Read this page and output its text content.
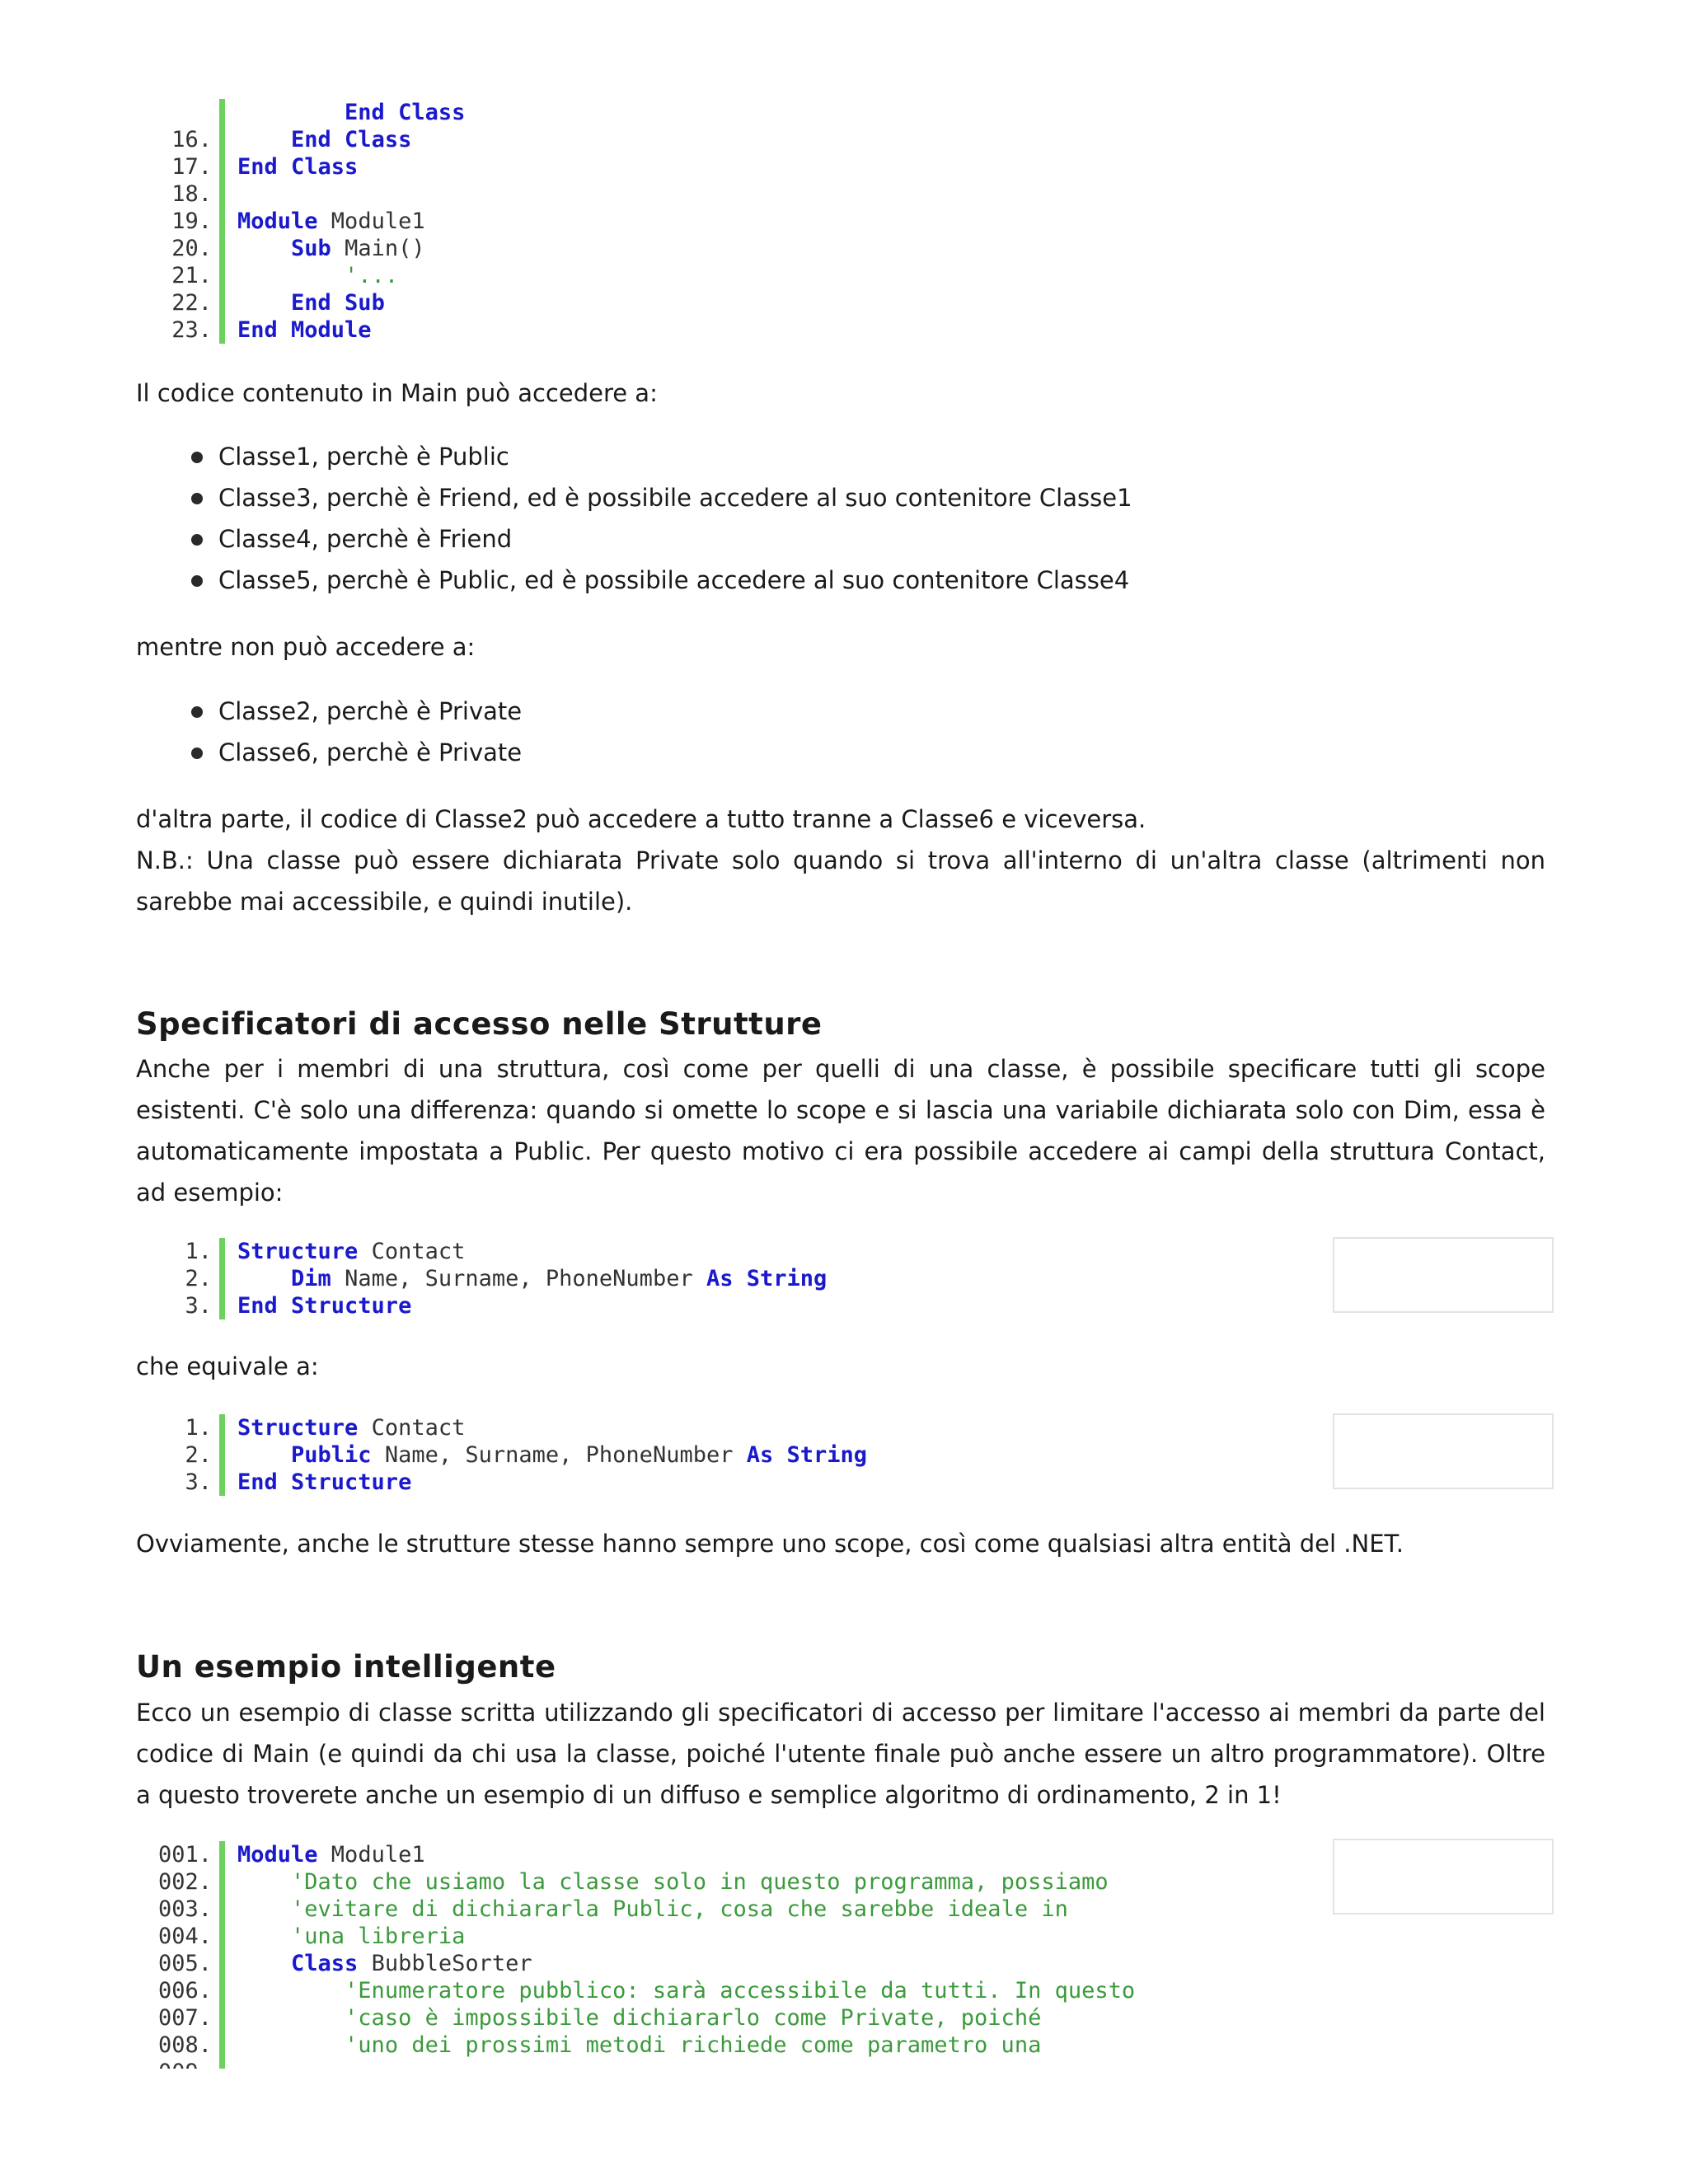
End Class
16.	End Class
17. End Class
18.
19. Module Module1
20.	Sub Main()
21.	'...
22.	End Sub
23. End Module

Il codice contenuto in Main può accedere a:

Classe1, perchè è Public
Classe3, perchè è Friend, ed è possibile accedere al suo contenitore Classe1
Classe4, perchè è Friend
Classe5, perchè è Public, ed è possibile accedere al suo contenitore Classe4

mentre non può accedere a:

Classe2, perchè è Private
Classe6, perchè è Private

d'altra parte, il codice di Classe2 può accedere a tutto tranne a Classe6 e viceversa.

N.B.: Una classe può essere dichiarata Private solo quando si trova all'interno di un'altra classe (altrimenti non sarebbe mai accessibile, e quindi inutile).

Specificatori di accesso nelle Strutture

Anche per i membri di una struttura, così come per quelli di una classe, è possibile specificare tutti gli scope esistenti. C'è solo una differenza: quando si omette lo scope e si lascia una variabile dichiarata solo con Dim, essa è automaticamente impostata a Public. Per questo motivo ci era possibile accedere ai campi della struttura Contact, ad esempio:

1. Structure Contact
2.	Dim Name, Surname, PhoneNumber As String
3. End Structure

che equivale a:

1. Structure Contact
2.	Public Name, Surname, PhoneNumber As String
3. End Structure

Ovviamente, anche le strutture stesse hanno sempre uno scope, così come qualsiasi altra entità del .NET.

Un esempio intelligente

Ecco un esempio di classe scritta utilizzando gli specificatori di accesso per limitare l'accesso ai membri da parte del codice di Main (e quindi da chi usa la classe, poiché l'utente finale può anche essere un altro programmatore). Oltre a questo troverete anche un esempio di un diffuso e semplice algoritmo di ordinamento, 2 in 1!

001. Module Module1
002.	'Dato che usiamo la classe solo in questo programma, possiamo
003.	'evitare di dichiararla Public, cosa che sarebbe ideale in
004.	'una libreria
005.	Class BubbleSorter
006.	'Enumeratore pubblico: sarà accessibile da tutti. In questo
007.	'caso è impossibile dichiararlo come Private, poiché
008.	'uno dei prossimi metodi richiede come parametro una
